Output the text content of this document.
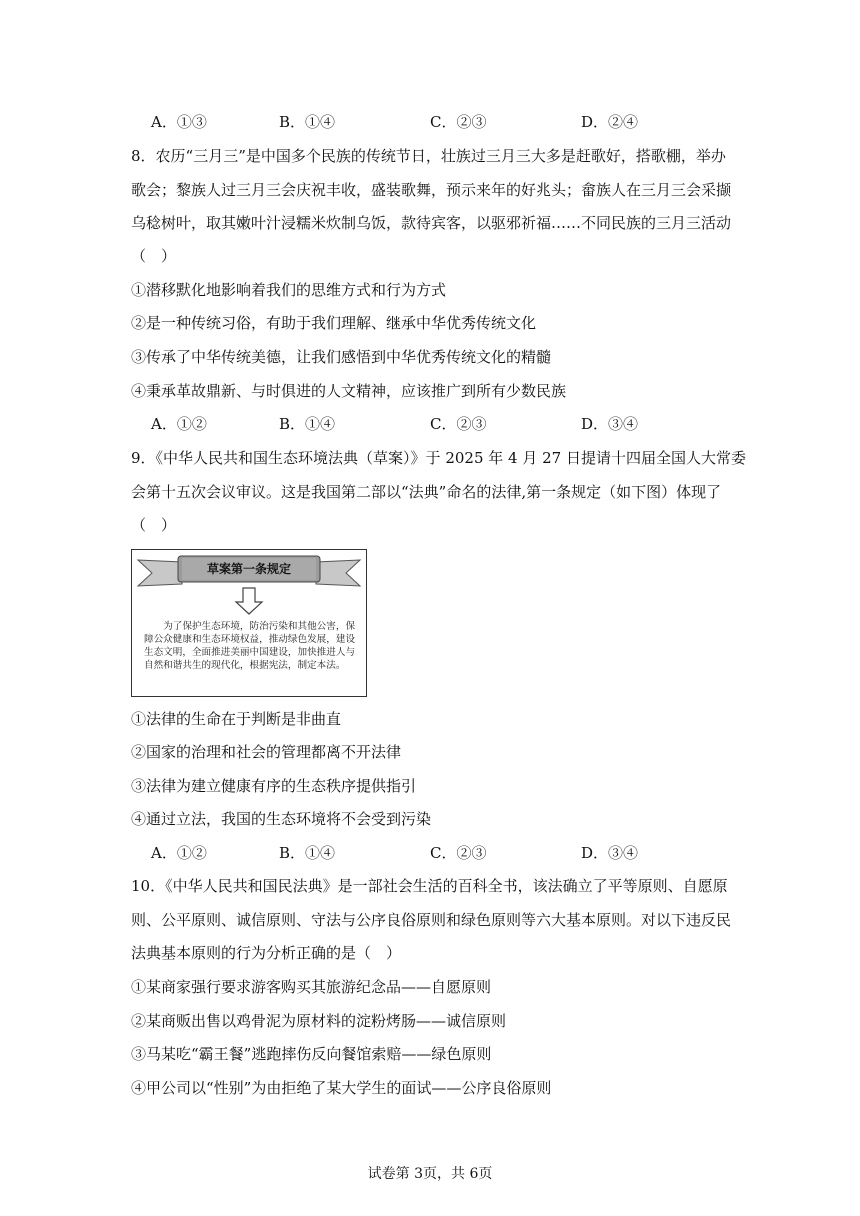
A．①③	B．①④	C．②③	D．②④
8．农历“三月三”是中国多个民族的传统节日，壮族过三月三大多是赶歌好，搭歌棚，举办
歌会；黎族人过三月三会庆祝丰收，盛装歌舞，预示来年的好兆头；畲族人在三月三会采撷
乌稔树叶，取其嫩叶汁浸糯米炊制乌饭，款待宾客，以驱邪祈福……不同民族的三月三活动
（　）
①潜移默化地影响着我们的思维方式和行为方式
②是一种传统习俗，有助于我们理解、继承中华优秀传统文化
③传承了中华传统美德，让我们感悟到中华优秀传统文化的精髓
④秉承革故鼎新、与时俱进的人文精神，应该推广到所有少数民族
A．①②	B．①④	C．②③	D．③④
9．《中华人民共和国生态环境法典（草案）》于 2025 年 4 月 27 日提请十四届全国人大常委
会第十五次会议审议。这是我国第二部以“法典”命名的法律,第一条规定（如下图）体现了
（　）
草案第一条规定
为了保护生态环境，防治污染和其他公害，保障公众健康和生态环境权益，推动绿色发展，建设生态文明，全面推进美丽中国建设，加快推进人与自然和谐共生的现代化，根据宪法，制定本法。
①法律的生命在于判断是非曲直
②国家的治理和社会的管理都离不开法律
③法律为建立健康有序的生态秩序提供指引
④通过立法，我国的生态环境将不会受到污染
A．①②	B．①④	C．②③	D．③④
10．《中华人民共和国民法典》是一部社会生活的百科全书，该法确立了平等原则、自愿原
则、公平原则、诚信原则、守法与公序良俗原则和绿色原则等六大基本原则。对以下违反民
法典基本原则的行为分析正确的是（　）
①某商家强行要求游客购买其旅游纪念品——自愿原则
②某商贩出售以鸡骨泥为原材料的淀粉烤肠——诚信原则
③马某吃“霸王餐”逃跑摔伤反向餐馆索赔——绿色原则
④甲公司以“性别”为由拒绝了某大学生的面试——公序良俗原则
试卷第 3页，共 6页
